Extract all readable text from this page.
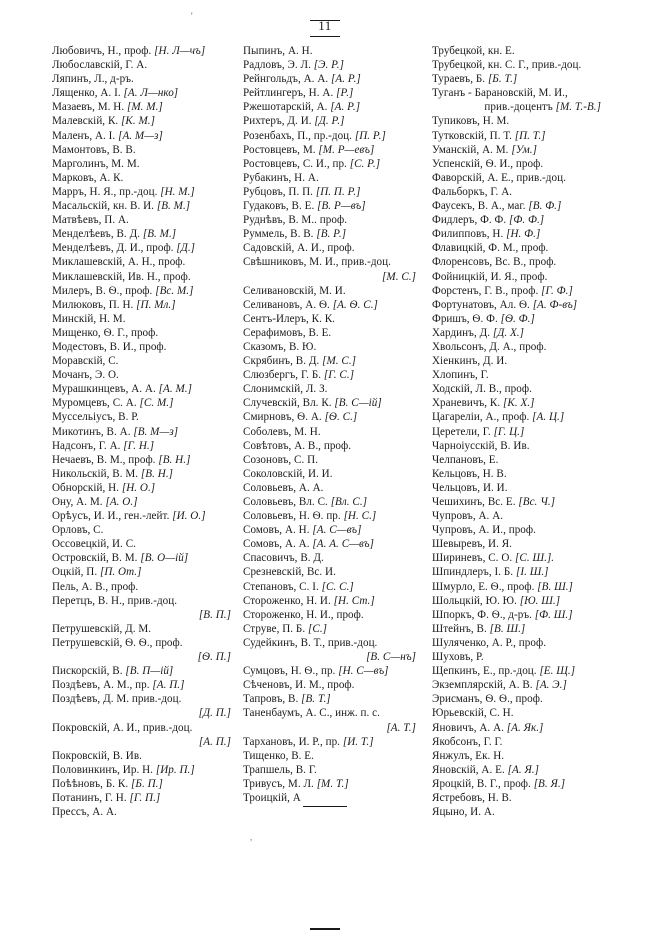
'
11
Любовичъ, Н., проф. [Н. Л—чъ]
Любославскій, Г. А.
Ляпинъ, Л., д-ръ.
Лященко, А. І. [А. Л—нко]
Мазаевъ, М. Н. [М. М.]
Малевскій, К. [К. М.]
Маленъ, А. І. [А. М—з]
Мамонтовъ, В. В.
Марголинъ, М. М.
Марковъ, А. К.
Марръ, Н. Я., пр.-доц. [Н. М.]
Масальскій, кн. В. И. [В. М.]
Матвѣевъ, П. А.
Менделѣевъ, В. Д. [В. М.]
Менделѣевъ, Д. И., проф. [Д.]
Миклашевскій, А. Н., проф.
Миклашевскій, Ив. Н., проф.
Милеръ, В. Ѳ., проф. [Вс. М.]
Милюковъ, П. Н. [П. Мл.]
Минскій, Н. М.
Мищенко, Ѳ. Г., проф.
Модестовъ, В. И., проф.
Моравскій, С.
Мочанъ, Э. О.
Мурашкинцевъ, А. А. [А. М.]
Муромцевъ, С. А. [С. М.]
Муссельіусъ, В. Р.
Микотинъ, В. А. [В. М—з]
Надсонъ, Г. А. [Г. Н.]
Нечаевъ, В. М., проф. [В. Н.]
Никольскій, В. М. [В. Н.]
Обнорскій, Н. [Н. О.]
Ону, А. М. [А. О.]
Орѣусъ, И. И., ген.-лейт. [И. О.]
Орловъ, С.
Оссовецкій, И. С.
Островскій, В. М. [В. О—ій]
Оцкій, П. [П. От.]
Пель, А. В., проф.
Перетцъ, В. Н., прив.-доц.
[В. П.]
Петрушевскій, Д. М.
Петрушевскій, Ѳ. Ѳ., проф.
[Ѳ. П.]
Пискорскій, В. [В. П—ій]
Поздѣевъ, А. М., пр. [А. П.]
Поздѣевъ, Д. М. прив.-доц.
[Д. П.]
Покровскій, А. И., прив.-доц.
[А. П.]
Покровскій, В. Ив.
Половинкинъ, Ир. Н. [Ир. П.]
Поѣѣновъ, Б. К. [Б. П.]
Потанинъ, Г. Н. [Г. П.]
Прессъ, А. А.
Пыпинъ, А. Н.
Радловъ, Э. Л. [Э. Р.]
Рейнгольдъ, А. А. [А. Р.]
Рейтлингеръ, Н. А. [Р.]
Ржешотарскій, А. [А. Р.]
Рихтеръ, Д. И. [Д. Р.]
Розенбахъ, П., пр.-доц. [П. Р.]
Ростовцевъ, М. [М. Р—евъ]
Ростовцевъ, С. И., пр. [С. Р.]
Рубакинъ, Н. А.
Рубцовъ, П. П. [П. П. Р.]
Гудаковъ, В. Е. [В. Р—въ]
Руднѣвъ, В. М.. проф.
Руммель, В. В. [В. Р.]
Садовскій, А. И., проф.
Свѣшниковъ, М. И., прив.-доц.
[М. С.]
Селивановскій, М. И.
Селивановъ, А. Ѳ. [А. Ѳ. С.]
Сентъ-Илеръ, К. К.
Серафимовъ, В. Е.
Сказомъ, В. Ю.
Скрябинъ, В. Д. [М. С.]
Слюзбергъ, Г. Б. [Г. С.]
Слонимскій, Л. З.
Случевскій, Вл. К. [В. С—ій]
Смирновъ, Ѳ. А. [Ѳ. С.]
Соболевъ, М. Н.
Совѣтовъ, А. В., проф.
Созоновъ, С. П.
Соколовскій, И. И.
Соловьевъ, А. А.
Соловьевъ, Вл. С. [Вл. С.]
Соловьевъ, Н. Ѳ. пр. [Н. С.]
Сомовъ, А. Н. [А. С—въ]
Сомовъ, А. А. [А. А. С—въ]
Спасовичъ, В. Д.
Срезневскій, Вс. И.
Степановъ, С. І. [С. С.]
Стороженко, Н. И. [Н. Ст.]
Стороженко, Н. И., проф.
Струве, П. Б. [С.]
Судейкинъ, В. Т., прив.-доц.
[В. С—нъ]
Сумцовъ, Н. Ѳ., пр. [Н. С—въ]
Сѣченовъ, И. М., проф.
Тапровъ, В. [В. Т.]
Таненбаумъ, А. С., инж. п. с.
[А. Т.]
Тархановъ, И. Р., пр. [И. Т.]
Тищенко, В. Е.
Трапшель, В. Г.
Тривусъ, М. Л. [М. Т.]
Троицкій, А
Трубецкой, кн. Е.
Трубецкой, кн. С. Г., прив.-доц.
Тураевъ, Б. [Б. Т.]
Туганъ - Барановскій, М. И.,
прив.-доцентъ [М. Т.-В.]
Тупиковъ, Н. М.
Тутковскій, П. Т. [П. Т.]
Уманскій, А. М. [Ум.]
Успенскій, Ѳ. И., проф.
Фаворскій, А. Е., прив.-доц.
Фальборкъ, Г. А.
Фаусекъ, В. А., маг. [В. Ф.]
Фидлеръ, Ф. Ф. [Ф. Ф.]
Филипповъ, Н. [Н. Ф.]
Флавицкій, Ф. М., проф.
Флоренсовъ, Вс. В., проф.
Фойницкій, И. Я., проф.
Форстенъ, Г. В., проф. [Г. Ф.]
Фортунатовъ, Ал. Ѳ. [А. Ф-въ]
Фришъ, Ѳ. Ф. [Ѳ. Ф.]
Хардинъ, Д. [Д. Х.]
Хвольсонъ, Д. А., проф.
Хіенкинъ, Д. И.
Хлопинъ, Г.
Ходскій, Л. В., проф.
Храневичъ, К. [К. Х.]
Цагареліи, А., проф. [А. Ц.]
Церетели, Г. [Г. Ц.]
Чарноіусскій, В. Ив.
Челпановъ, Е.
Кельцовъ, Н. В.
Чельцовъ, И. И.
Чешихинъ, Вс. Е. [Вс. Ч.]
Чупровъ, А. А.
Чупровъ, А. И., проф.
Шевыревъ, И. Я.
Шириневъ, С. О. [С. Ш.].
Шпиндлеръ, І. Б. [І. Ш.]
Шмурло, Е. Ѳ., проф. [В. Ш.]
Шольцкій, Ю. Ю. [Ю. Ш.]
Шпоркъ, Ф. Ѳ., д-ръ. [Ф. Ш.]
Штейнъ, В. [В. Ш.]
Шуляченко, А. Р., проф.
Шуховъ, Р.
Щепкинъ, Е., пр.-доц. [Е. Щ.]
Экземплярскій, А. В. [А. Э.]
Эрисманъ, Ѳ. Ѳ., проф.
Юрьевскій, С. Н.
Яновичъ, А. А. [А. Як.]
Якобсонъ, Г. Г.
Янжулъ, Ек. Н.
Яновскій, А. Е. [А. Я.]
Яроцкій, В. Г., проф. [В. Я.]
Ястребовъ, Н. В.
Яцыно, И. А.
,
